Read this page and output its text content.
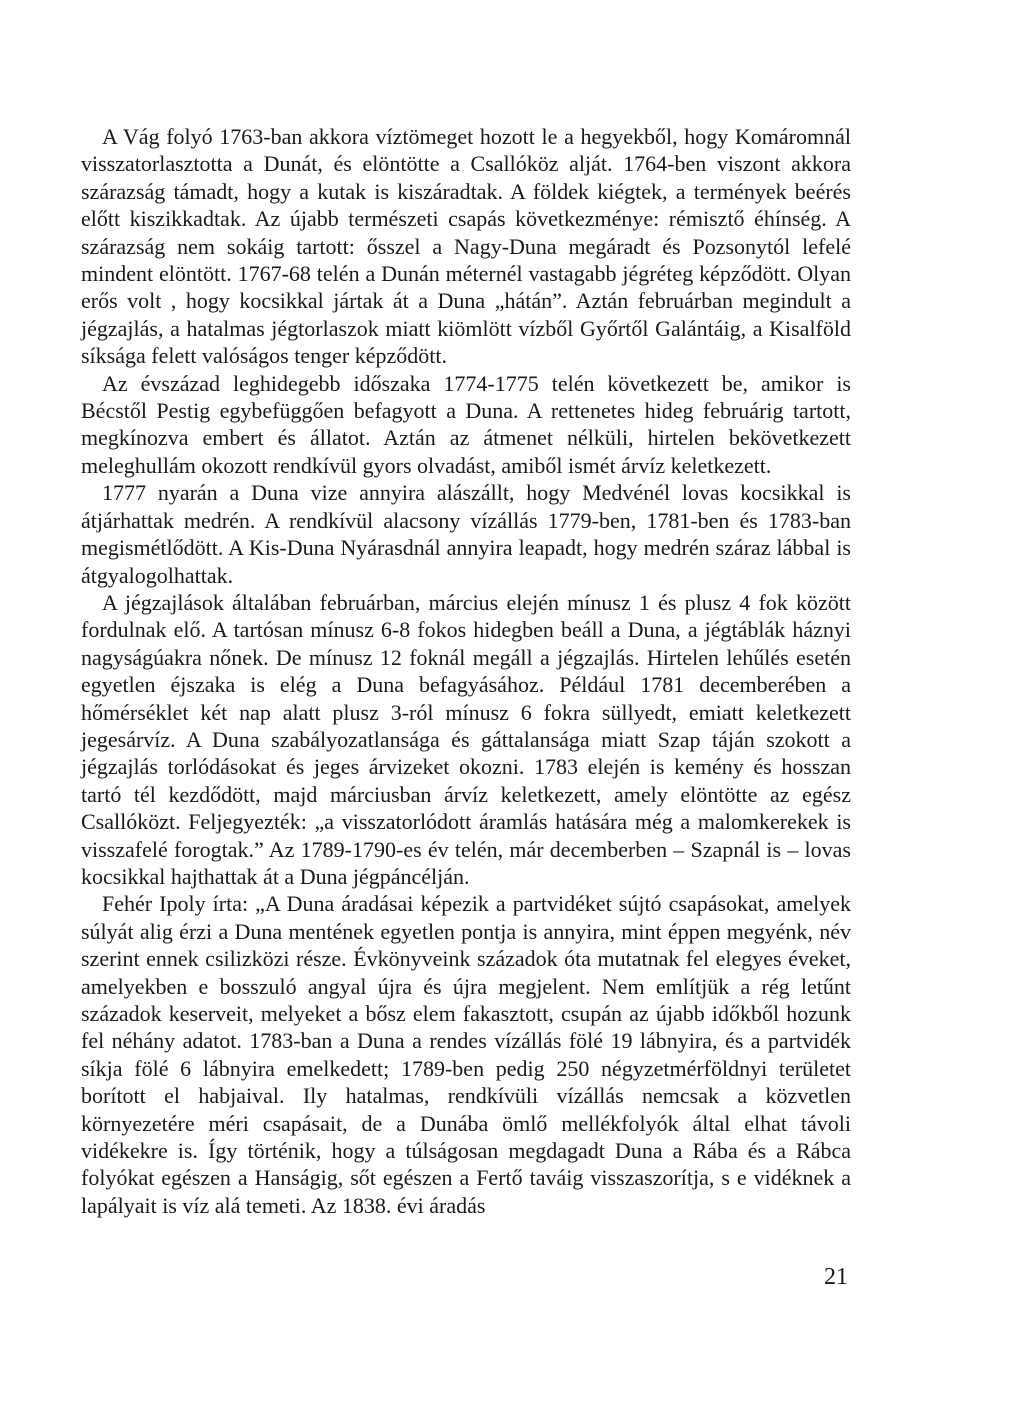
A Vág folyó 1763-ban akkora víztömeget hozott le a hegyekből, hogy Komáromnál visszatorlasztotta a Dunát, és elöntötte a Csallóköz alját. 1764-ben viszont akkora szárazság támadt, hogy a kutak is kiszáradtak. A földek kiégtek, a termények beérés előtt kiszikkadtak. Az újabb természeti csapás következménye: rémisztő éhínség. A szárazság nem sokáig tartott: ősszel a Nagy-Duna megáradt és Pozsonytól lefelé mindent elöntött. 1767-68 telén a Dunán méternél vastagabb jégréteg képződött. Olyan erős volt , hogy kocsikkal jártak át a Duna „hátán”. Aztán februárban megindult a jégzajlás, a hatalmas jégtorlaszok miatt kiömlött vízből Győrtől Galántáig, a Kisalföld síksága felett valóságos tenger képződött.

Az évszázad leghidegebb időszaka 1774-1775 telén következett be, amikor is Bécstől Pestig egybefüggően befagyott a Duna. A rettenetes hideg februárig tartott, megkínozva embert és állatot. Aztán az átmenet nélküli, hirtelen bekövetkezett meleghullám okozott rendkívül gyors olvadást, amiből ismét árvíz keletkezett.

1777 nyarán a Duna vize annyira alászállt, hogy Medvénél lovas kocsikkal is átjárhattak medrén. A rendkívül alacsony vízállás 1779-ben, 1781-ben és 1783-ban megismétlődött. A Kis-Duna Nyárasdnál annyira leapadt, hogy medrén száraz lábbal is átgyalogolhattak.

A jégzajlások általában februárban, március elején mínusz 1 és plusz 4 fok között fordulnak elő. A tartósan mínusz 6-8 fokos hidegben beáll a Duna, a jégtáblák háznyi nagyságúakra nőnek. De mínusz 12 foknál megáll a jégzajlás. Hirtelen lehűlés esetén egyetlen éjszaka is elég a Duna befagyásához. Például 1781 decemberében a hőmérséklet két nap alatt plusz 3-ról mínusz 6 fokra süllyedt, emiatt keletkezett jegesárvíz. A Duna szabályozatlansága és gáttalansága miatt Szap táján szokott a jégzajlás torlódásokat és jeges árvizeket okozni. 1783 elején is kemény és hosszan tartó tél kezdődött, majd márciusban árvíz keletkezett, amely elöntötte az egész Csallóközt. Feljegyezték: „a visszatorlódott áramlás hatására még a malomkerekek is visszafelé forogtak.” Az 1789-1790-es év telén, már decemberben – Szapnál is – lovas kocsikkal hajthattak át a Duna jégpáncélján.

Fehér Ipoly írta: „A Duna áradásai képezik a partvidéket sújtó csapásokat, amelyek súlyát alig érzi a Duna mentének egyetlen pontja is annyira, mint éppen megyénk, név szerint ennek csilizközi része. Évkönyveink századok óta mutatnak fel elegyes éveket, amelyekben e bosszuló angyal újra és újra megjelent. Nem említjük a rég letűnt századok keserveit, melyeket a bősz elem fakasztott, csupán az újabb időkből hozunk fel néhány adatot. 1783-ban a Duna a rendes vízállás fölé 19 lábnyira, és a partvidék síkja fölé 6 lábnyira emelkedett; 1789-ben pedig 250 négyzetmérföldnyi területet borított el habjaival. Ily hatalmas, rendkívüli vízállás nemcsak a közvetlen környezetére méri csapásait, de a Dunába ömlő mellékfolyók által elhat távoli vidékekre is. Így történik, hogy a túlságosan megdagadt Duna a Rába és a Rábca folyókat egészen a Hanságig, sőt egészen a Fertő taváig visszaszorítja, s e vidéknek a lapályait is víz alá temeti. Az 1838. évi áradás

21
